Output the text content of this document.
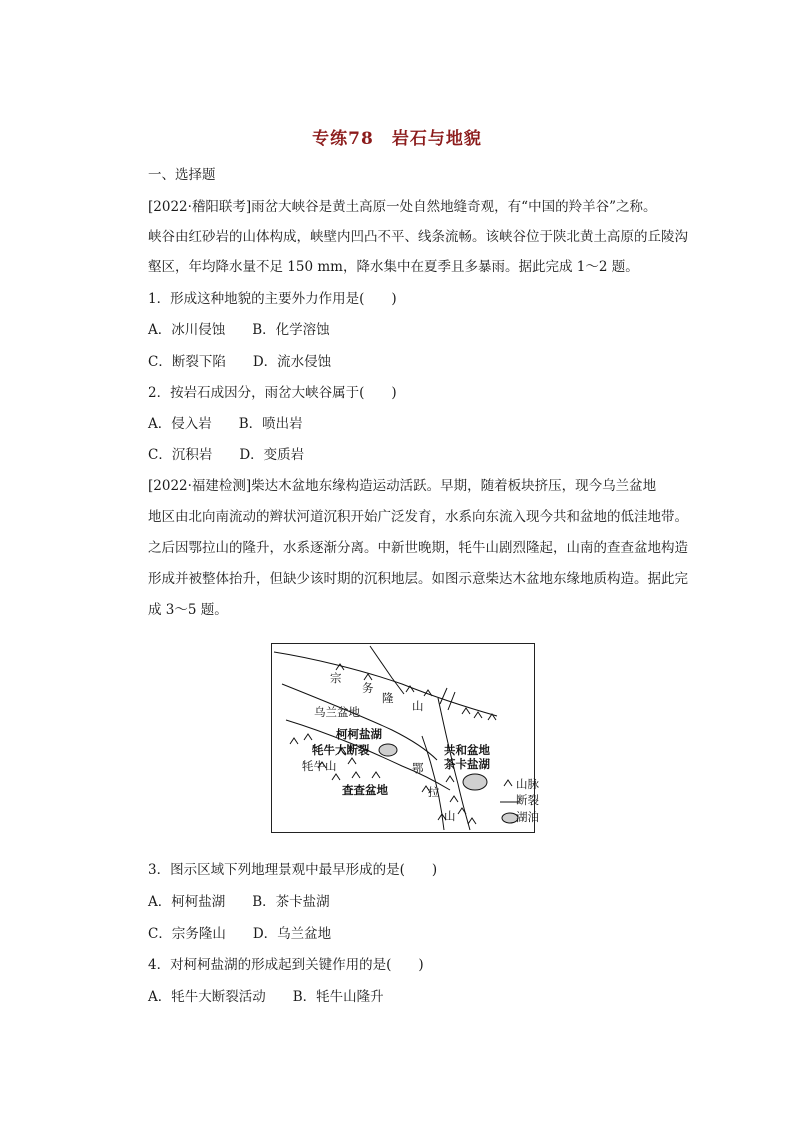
专练78　岩石与地貌
一、选择题
[2022·稽阳联考]雨岔大峡谷是黄土高原一处自然地缝奇观，有“中国的羚羊谷”之称。
峡谷由红砂岩的山体构成，峡壁内凹凸不平、线条流畅。该峡谷位于陕北黄土高原的丘陵沟
壑区，年均降水量不足 150 mm，降水集中在夏季且多暴雨。据此完成 1～2 题。
1．形成这种地貌的主要外力作用是(　　)
A．冰川侵蚀　　B．化学溶蚀
C．断裂下陷　　D．流水侵蚀
2．按岩石成因分，雨岔大峡谷属于(　　)
A．侵入岩　　B．喷出岩
C．沉积岩　　D．变质岩
[2022·福建检测]柴达木盆地东缘构造运动活跃。早期，随着板块挤压，现今乌兰盆地
地区由北向南流动的辫状河道沉积开始广泛发育，水系向东流入现今共和盆地的低洼地带。
之后因鄂拉山的隆升，水系逐渐分离。中新世晚期，牦牛山剧烈隆起，山南的查查盆地构造
形成并被整体抬升，但缺少该时期的沉积地层。如图示意柴达木盆地东缘地质构造。据此完
成 3～5 题。
宗
务
隆
山
乌兰盆地
柯柯盐湖
牦牛大断裂
牦牛山
查查盆地
鄂
拉
山
共和盆地
茶卡盐湖
山脉
断裂
湖泊
3．图示区域下列地理景观中最早形成的是(　　)
A．柯柯盐湖　　B．茶卡盐湖
C．宗务隆山　　D．乌兰盆地
4．对柯柯盐湖的形成起到关键作用的是(　　)
A．牦牛大断裂活动　　B．牦牛山隆升
